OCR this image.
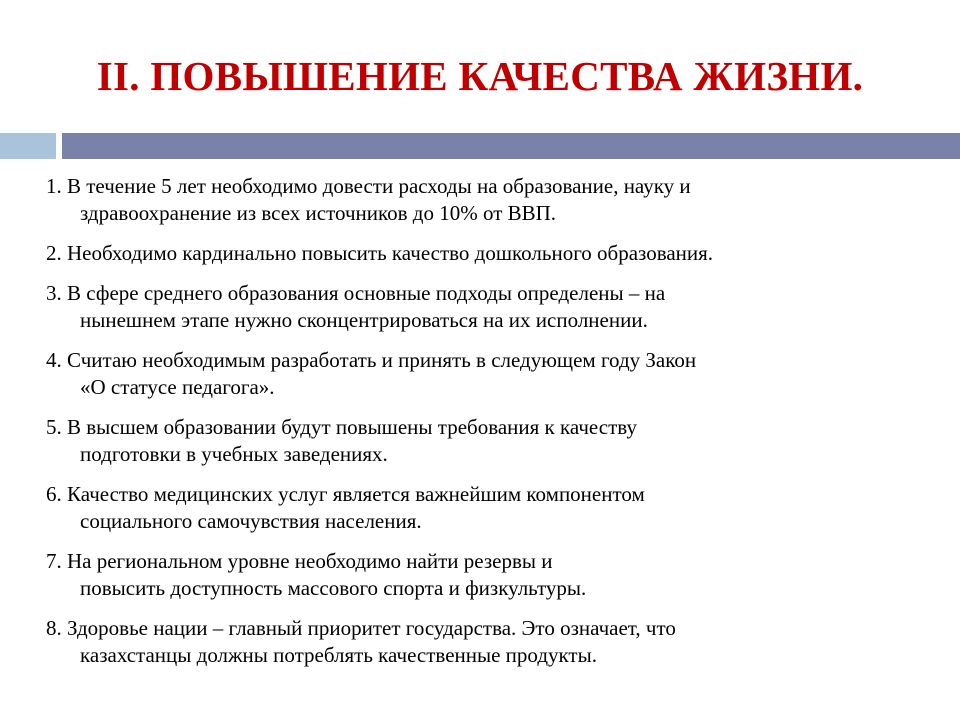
II. ПОВЫШЕНИЕ КАЧЕСТВА ЖИЗНИ.
1. В течение 5 лет необходимо довести расходы на образование, науку и
здравоохранение из всех источников до 10% от ВВП.
2. Необходимо кардинально повысить качество дошкольного образования.
3. В сфере среднего образования основные подходы определены – на
нынешнем этапе нужно сконцентрироваться на их исполнении.
4. Считаю необходимым разработать и принять в следующем году Закон
«О статусе педагога».
5. В высшем образовании будут повышены требования к качеству
подготовки в учебных заведениях.
6. Качество медицинских услуг является важнейшим компонентом
социального самочувствия населения.
7. На региональном уровне необходимо найти резервы и
повысить доступность массового спорта и физкультуры.
8. Здоровье нации – главный приоритет государства. Это означает, что
казахстанцы должны потреблять качественные продукты.
